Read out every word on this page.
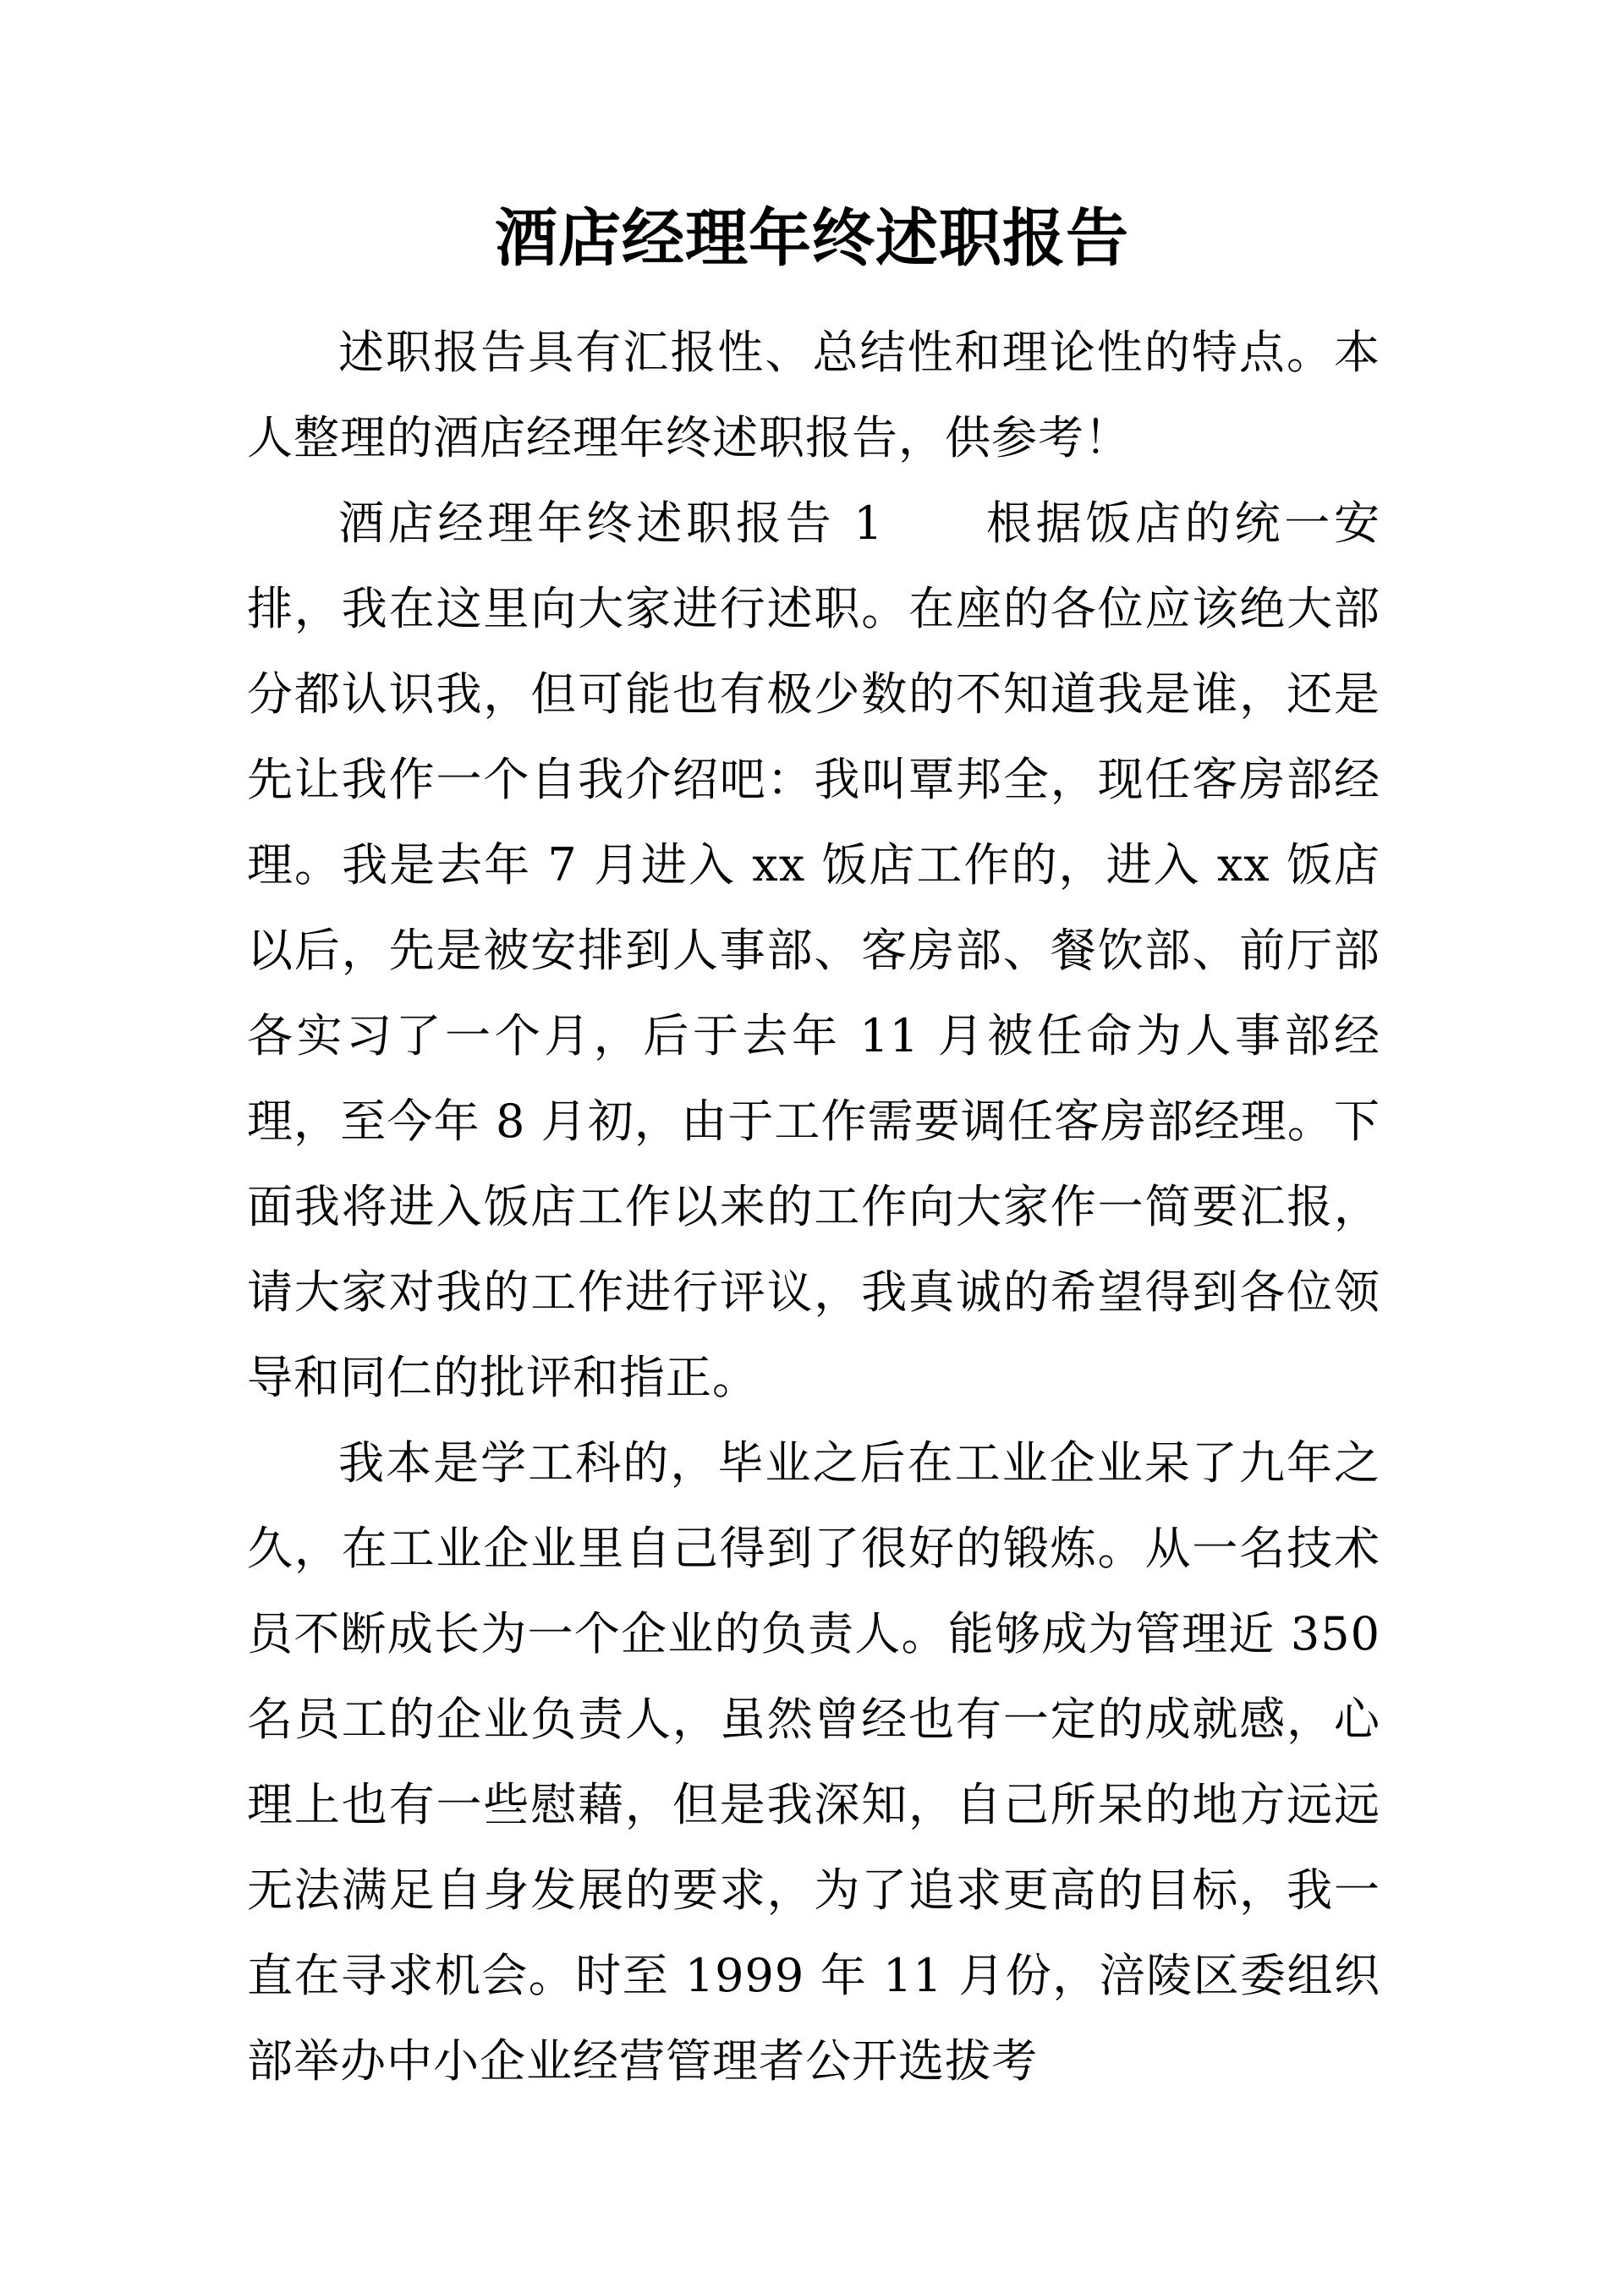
酒店经理年终述职报告

述职报告具有汇报性、总结性和理论性的特点。本人整理的酒店经理年终述职报告，供参考！

酒店经理年终述职报告 1　　根据饭店的统一安排，我在这里向大家进行述职。在座的各位应该绝大部分都认识我，但可能也有极少数的不知道我是谁，还是先让我作一个自我介绍吧：我叫覃邦全，现任客房部经理。我是去年 7 月进入 xx 饭店工作的，进入 xx 饭店以后，先是被安排到人事部、客房部、餐饮部、前厅部各实习了一个月，后于去年 11 月被任命为人事部经理，至今年 8 月初，由于工作需要调任客房部经理。下面我将进入饭店工作以来的工作向大家作一简要汇报，请大家对我的工作进行评议，我真诚的希望得到各位领导和同仁的批评和指正。

我本是学工科的，毕业之后在工业企业呆了九年之久，在工业企业里自己得到了很好的锻炼。从一名技术员不断成长为一个企业的负责人。能够成为管理近 350 名员工的企业负责人，虽然曾经也有一定的成就感，心理上也有一些慰藉，但是我深知，自己所呆的地方远远无法满足自身发展的要求，为了追求更高的目标，我一直在寻求机会。时至 1999 年 11 月份，涪陵区委组织部举办中小企业经营管理者公开选拔考
